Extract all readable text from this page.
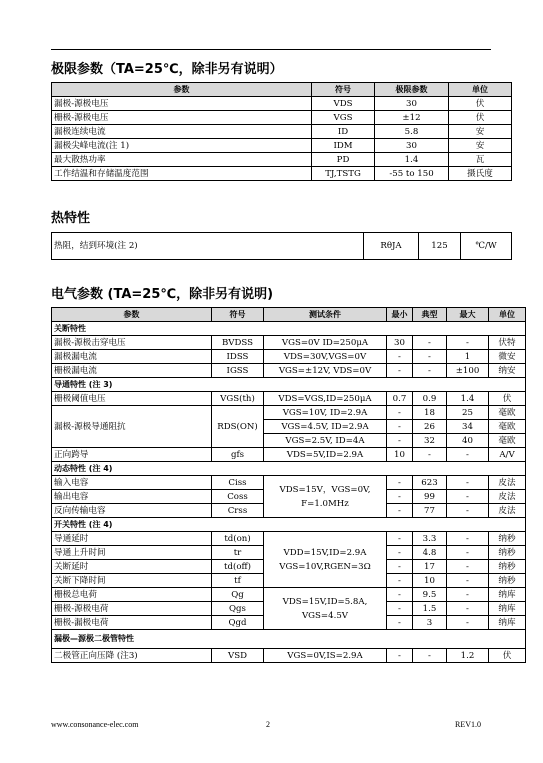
极限参数（TA=25℃，除非另有说明）
参数	符号	极限参数	单位
漏极-源极电压	VDS	30	伏
栅极-源极电压	VGS	±12	伏
漏极连续电流	ID	5.8	安
漏极尖峰电流(注 1)	IDM	30	安
最大散热功率	PD	1.4	瓦
工作结温和存储温度范围	TJ,TSTG	-55 to 150	摄氏度
热特性
热阻，结到环境(注 2)	RθJA	125	℃/W
电气参数 (TA=25℃，除非另有说明)
参数	符号	测试条件	最小	典型	最大	单位
关断特性						
漏极-源极击穿电压	BVDSS	VGS=0V ID=250μA	30	-	-	伏特
漏极漏电流	IDSS	VDS=30V,VGS=0V	-	-	1	微安
栅极漏电流	IGSS	VGS=±12V, VDS=0V	-	-	±100	纳安
导通特性 (注 3)						
栅极阈值电压	VGS(th)	VDS=VGS,ID=250μA	0.7	0.9	1.4	伏
漏极-源极导通阻抗	RDS(ON)	VGS=10V, ID=2.9A	-	18	25	毫欧
		VGS=4.5V, ID=2.9A	-	26	34	毫欧
		VGS=2.5V, ID=4A	-	32	40	毫欧
正向跨导	gfs	VDS=5V,ID=2.9A	10	-	-	A/V
动态特性 (注 4)						
输入电容	Ciss	VDS=15V，VGS=0V, F=1.0MHz	-	623	-	皮法
输出电容	Coss		-	99	-	皮法
反向传输电容	Crss		-	77	-	皮法
开关特性 (注 4)						
导通延时	td(on)	VDD=15V,ID=2.9A VGS=10V,RGEN=3Ω	-	3.3	-	纳秒
导通上升时间	tr		-	4.8	-	纳秒
关断延时	td(off)		-	17	-	纳秒
关断下降时间	tf		-	10	-	纳秒
栅极总电荷	Qg	VDS=15V,ID=5.8A, VGS=4.5V	-	9.5	-	纳库
栅极-源极电荷	Qgs		-	1.5	-	纳库
栅极-漏极电荷	Qgd		-	3	-	纳库
漏极—源极二极管特性						
二极管正向压降 (注3)	VSD	VGS=0V,IS=2.9A	-	-	1.2	伏
www.consonance-elec.com	2	REV1.0
